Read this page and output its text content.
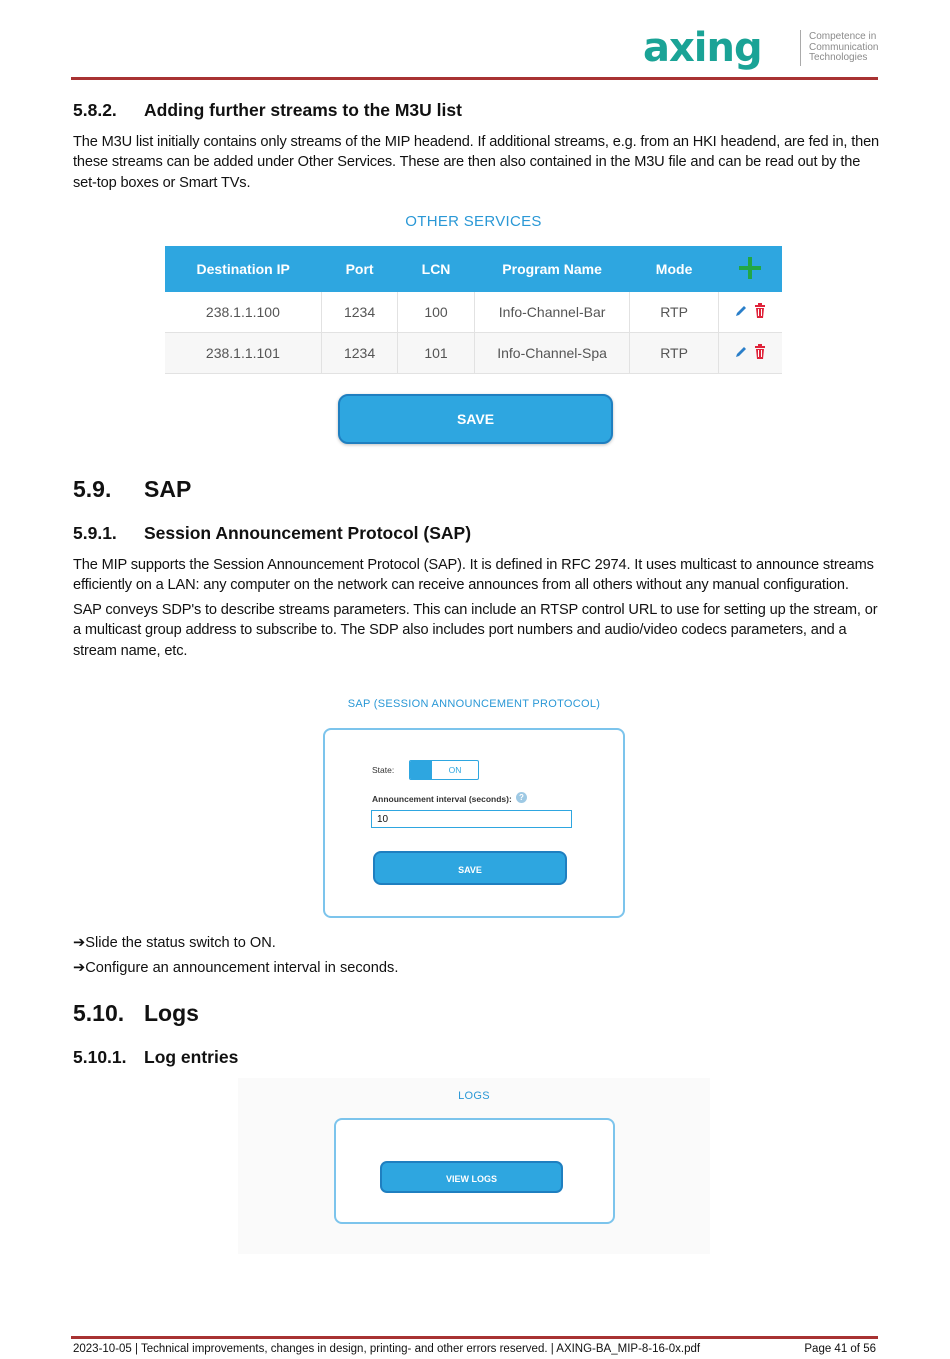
axing	Competence in
Communication
Technologies
5.8.2. Adding further streams to the M3U list
The M3U list initially contains only streams of the MIP headend. If additional streams, e.g. from an HKI headend, are fed in, then these streams can be added under Other Services. These are then also contained in the M3U file and can be read out by the set-top boxes or Smart TVs.
OTHER SERVICES
Destination IP	Port	LCN	Program Name	Mode	
238.1.1.100	1234	100	Info-Channel-Bar	RTP	
238.1.1.101	1234	101	Info-Channel-Spa	RTP	
SAVE
5.9. SAP
5.9.1. Session Announcement Protocol (SAP)
The MIP supports the Session Announcement Protocol (SAP). It is defined in RFC 2974. It uses multicast to announce streams efficiently on a LAN: any computer on the network can receive announces from all others without any manual configuration.
SAP conveys SDP's to describe streams parameters. This can include an RTSP control URL to use for setting up the stream, or a multicast group address to subscribe to. The SDP also includes port numbers and audio/video codecs parameters, and a stream name, etc.
SAP (SESSION ANNOUNCEMENT PROTOCOL)
State:	ON
Announcement interval (seconds): ?
10
SAVE
➔Slide the status switch to ON.
➔Configure an announcement interval in seconds.
5.10. Logs
5.10.1. Log entries
LOGS
VIEW LOGS
2023-10-05 | Technical improvements, changes in design, printing- and other errors reserved. | AXING-BA_MIP-8-16-0x.pdf	Page 41 of 56
